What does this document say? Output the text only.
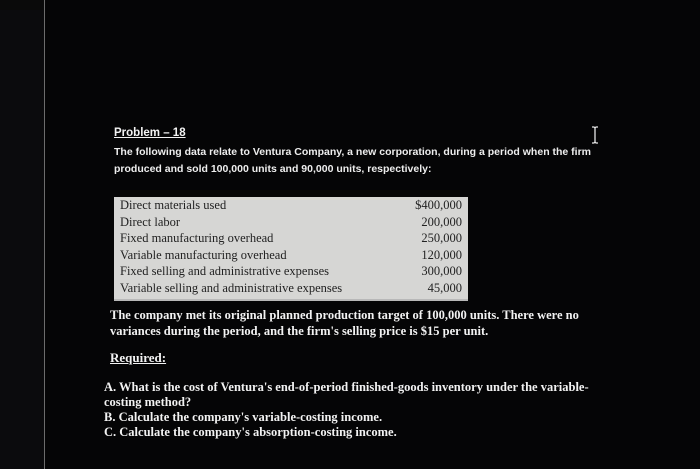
Problem – 18
The following data relate to Ventura Company, a new corporation, during a period when the firm
produced and sold 100,000 units and 90,000 units, respectively:
Direct materials used	$400,000
Direct labor	200,000
Fixed manufacturing overhead	250,000
Variable manufacturing overhead	120,000
Fixed selling and administrative expenses	300,000
Variable selling and administrative expenses	45,000
The company met its original planned production target of 100,000 units. There were no
variances during the period, and the firm's selling price is $15 per unit.
Required:
A. What is the cost of Ventura's end-of-period finished-goods inventory under the variable-
costing method?
B. Calculate the company's variable-costing income.
C. Calculate the company's absorption-costing income.
